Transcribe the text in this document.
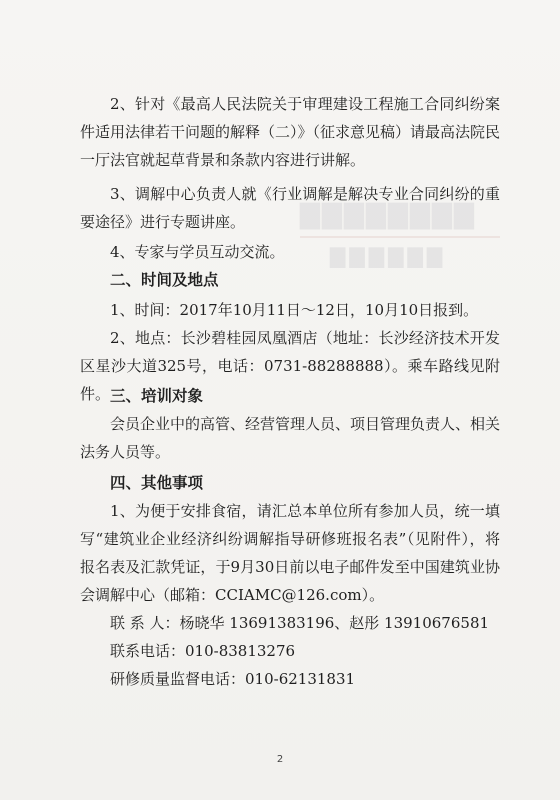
▇▇▇▇▇▇▇▇
▇▇▇▇▇▇

2、针对《最高人民法院关于审理建设工程施工合同纠纷案件适用法律若干问题的解释（二）》（征求意见稿）请最高法院民一厅法官就起草背景和条款内容进行讲解。

3、调解中心负责人就《行业调解是解决专业合同纠纷的重要途径》进行专题讲座。

4、专家与学员互动交流。

二、时间及地点

1、时间：2017年10月11日～12日，10月10日报到。

2、地点：长沙碧桂园凤凰酒店（地址：长沙经济技术开发区星沙大道325号，电话：0731-88288888）。乘车路线见附件。 三、培训对象

会员企业中的高管、经营管理人员、项目管理负责人、相关法务人员等。

四、其他事项

1、为便于安排食宿，请汇总本单位所有参加人员，统一填写“建筑业企业经济纠纷调解指导研修班报名表”（见附件），将报名表及汇款凭证，于9月30日前以电子邮件发至中国建筑业协会调解中心（邮箱：CCIAMC@126.com）。

联 系 人：杨晓华 13691383196、赵彤 13910676581

联系电话：010-83813276

研修质量监督电话：010-62131831

2
